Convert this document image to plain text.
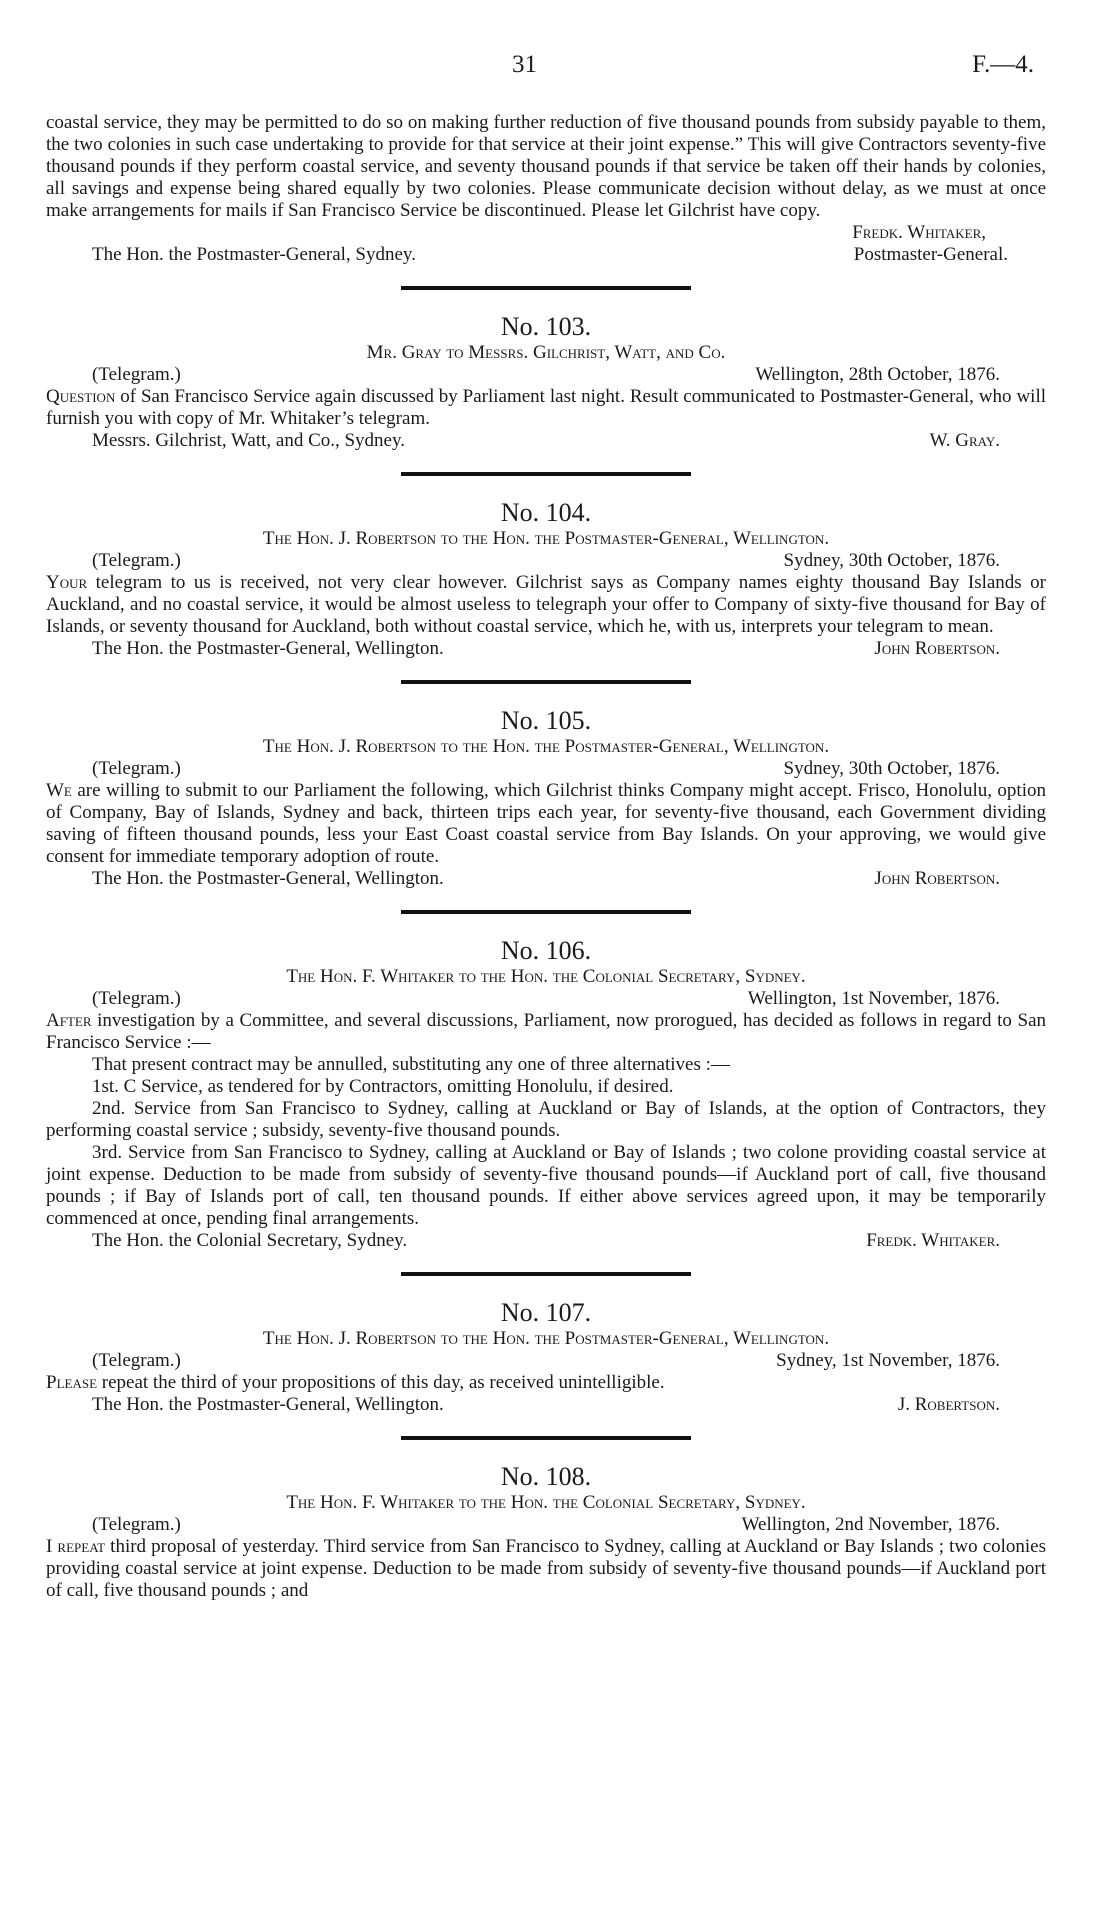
31	F.—4.

coastal service, they may be permitted to do so on making further reduction of five thousand pounds from subsidy payable to them, the two colonies in such case undertaking to provide for that service at their joint expense.” This will give Contractors seventy-five thousand pounds if they perform coastal service, and seventy thousand pounds if that service be taken off their hands by colonies, all savings and expense being shared equally by two colonies. Please communicate decision without delay, as we must at once make arrangements for mails if San Francisco Service be discontinued. Please let Gilchrist have copy.

Fredk. Whitaker,
The Hon. the Postmaster-General, Sydney.	Postmaster-General.
No. 103.
Mr. Gray to Messrs. Gilchrist, Watt, and Co.
(Telegram.)	Wellington, 28th October, 1876.

Question of San Francisco Service again discussed by Parliament last night. Result communicated to Postmaster-General, who will furnish you with copy of Mr. Whitaker’s telegram.

Messrs. Gilchrist, Watt, and Co., Sydney.	W. Gray.
No. 104.
The Hon. J. Robertson to the Hon. the Postmaster-General, Wellington.
(Telegram.)	Sydney, 30th October, 1876.

Your telegram to us is received, not very clear however. Gilchrist says as Company names eighty thousand Bay Islands or Auckland, and no coastal service, it would be almost useless to telegraph your offer to Company of sixty-five thousand for Bay of Islands, or seventy thousand for Auckland, both without coastal service, which he, with us, interprets your telegram to mean.

The Hon. the Postmaster-General, Wellington.	John Robertson.
No. 105.
The Hon. J. Robertson to the Hon. the Postmaster-General, Wellington.
(Telegram.)	Sydney, 30th October, 1876.

We are willing to submit to our Parliament the following, which Gilchrist thinks Company might accept. Frisco, Honolulu, option of Company, Bay of Islands, Sydney and back, thirteen trips each year, for seventy-five thousand, each Government dividing saving of fifteen thousand pounds, less your East Coast coastal service from Bay Islands. On your approving, we would give consent for immediate temporary adoption of route.

The Hon. the Postmaster-General, Wellington.	John Robertson.
No. 106.
The Hon. F. Whitaker to the Hon. the Colonial Secretary, Sydney.
(Telegram.)	Wellington, 1st November, 1876.

After investigation by a Committee, and several discussions, Parliament, now prorogued, has decided as follows in regard to San Francisco Service :—

That present contract may be annulled, substituting any one of three alternatives :—

1st. C Service, as tendered for by Contractors, omitting Honolulu, if desired.

2nd. Service from San Francisco to Sydney, calling at Auckland or Bay of Islands, at the option of Contractors, they performing coastal service ; subsidy, seventy-five thousand pounds.

3rd. Service from San Francisco to Sydney, calling at Auckland or Bay of Islands ; two colone providing coastal service at joint expense. Deduction to be made from subsidy of seventy-five thousand pounds—if Auckland port of call, five thousand pounds ; if Bay of Islands port of call, ten thousand pounds. If either above services agreed upon, it may be temporarily commenced at once, pending final arrangements.

The Hon. the Colonial Secretary, Sydney.	Fredk. Whitaker.
No. 107.
The Hon. J. Robertson to the Hon. the Postmaster-General, Wellington.
(Telegram.)	Sydney, 1st November, 1876.

Please repeat the third of your propositions of this day, as received unintelligible.

The Hon. the Postmaster-General, Wellington.	J. Robertson.
No. 108.
The Hon. F. Whitaker to the Hon. the Colonial Secretary, Sydney.
(Telegram.)	Wellington, 2nd November, 1876.

I repeat third proposal of yesterday. Third service from San Francisco to Sydney, calling at Auckland or Bay Islands ; two colonies providing coastal service at joint expense. Deduction to be made from subsidy of seventy-five thousand pounds—if Auckland port of call, five thousand pounds ; and
